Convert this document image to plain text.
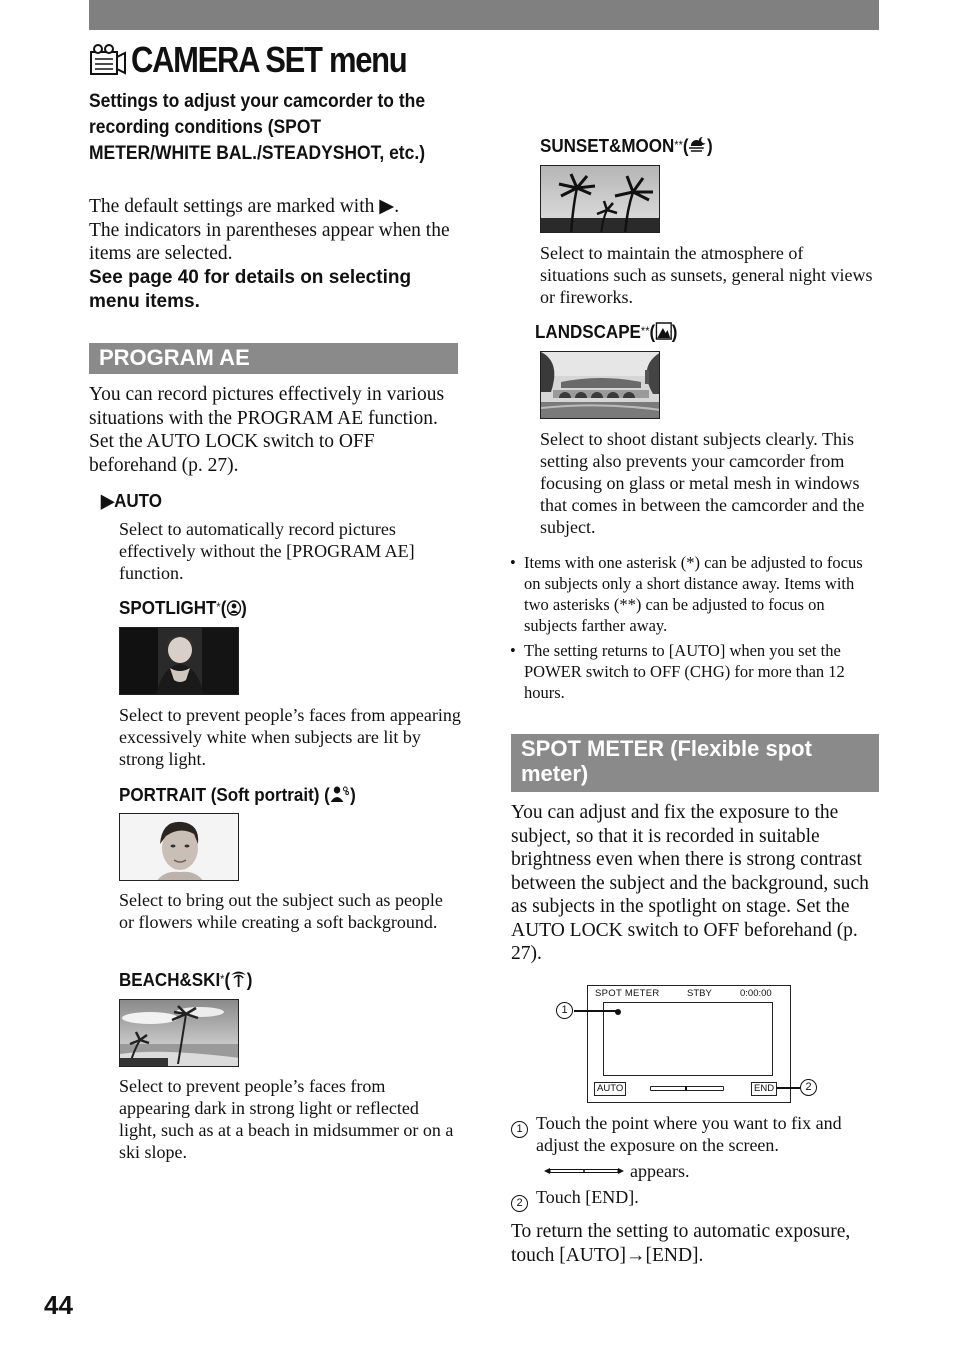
CAMERA SET menu
Settings to adjust your camcorder to the recording conditions (SPOT METER/WHITE BAL./STEADYSHOT, etc.)
The default settings are marked with ▶.
The indicators in parentheses appear when the items are selected.
See page 40 for details on selecting menu items.
PROGRAM AE
You can record pictures effectively in various situations with the PROGRAM AE function. Set the AUTO LOCK switch to OFF beforehand (p. 27).
▶AUTO
Select to automatically record pictures effectively without the [PROGRAM AE] function.
SPOTLIGHT*( )
Select to prevent people’s faces from appearing excessively white when subjects are lit by strong light.
PORTRAIT (Soft portrait) ( )
Select to bring out the subject such as people or flowers while creating a soft background.
BEACH&SKI*( )
Select to prevent people’s faces from appearing dark in strong light or reflected light, such as at a beach in midsummer or on a ski slope.
SUNSET&MOON**( )
Select to maintain the atmosphere of situations such as sunsets, general night views or fireworks.
LANDSCAPE**( )
Select to shoot distant subjects clearly. This setting also prevents your camcorder from focusing on glass or metal mesh in windows that comes in between the camcorder and the subject.
• Items with one asterisk (*) can be adjusted to focus on subjects only a short distance away. Items with two asterisks (**) can be adjusted to focus on subjects farther away.
• The setting returns to [AUTO] when you set the POWER switch to OFF (CHG) for more than 12 hours.
SPOT METER (Flexible spot meter)
You can adjust and fix the exposure to the subject, so that it is recorded in suitable brightness even when there is strong contrast between the subject and the background, such as subjects in the spotlight on stage. Set the AUTO LOCK switch to OFF beforehand (p. 27).
SPOT METER	STBY	0:00:00
AUTO	END
1
2
1 Touch the point where you want to fix and adjust the exposure on the screen.
appears.
2 Touch [END].
To return the setting to automatic exposure, touch [AUTO]→[END].
44
